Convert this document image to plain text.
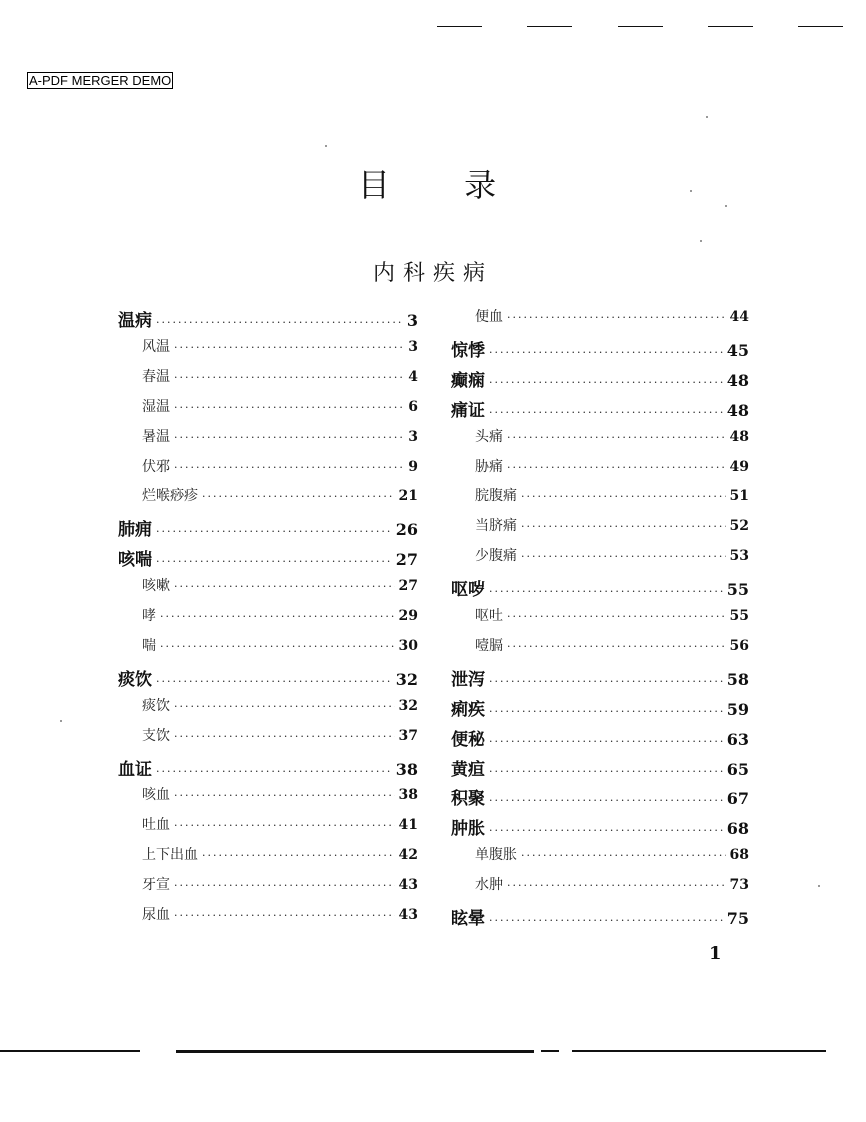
A-PDF MERGER DEMO
目 录
内科疾病
温病 ·····	3
风温 ·····	3
春温 ·····	4
湿温 ·····	6
暑温 ·····	3
伏邪 ·····	9
烂喉痧疹 ·····	21
肺痈 ·····	26
咳喘 ·····	27
咳嗽 ·····	27
哮 ·····	29
喘 ·····	30
痰饮 ·····	32
痰饮 ·····	32
支饮 ·····	37
血证 ·····	38
咳血 ·····	38
吐血 ·····	41
上下出血 ·····	42
牙宣 ·····	43
尿血 ·····	43
便血 ·····	44
惊悸 ·····	45
癫痫 ·····	48
痛证 ·····	48
头痛 ·····	48
胁痛 ·····	49
脘腹痛 ·····	51
当脐痛 ·····	52
少腹痛 ·····	53
呕哕 ·····	55
呕吐 ·····	55
噎膈 ·····	56
泄泻 ·····	58
痢疾 ·····	59
便秘 ·····	63
黄疸 ·····	65
积聚 ·····	67
肿胀 ·····	68
单腹胀 ·····	68
水肿 ·····	73
眩晕 ·····	75
1
